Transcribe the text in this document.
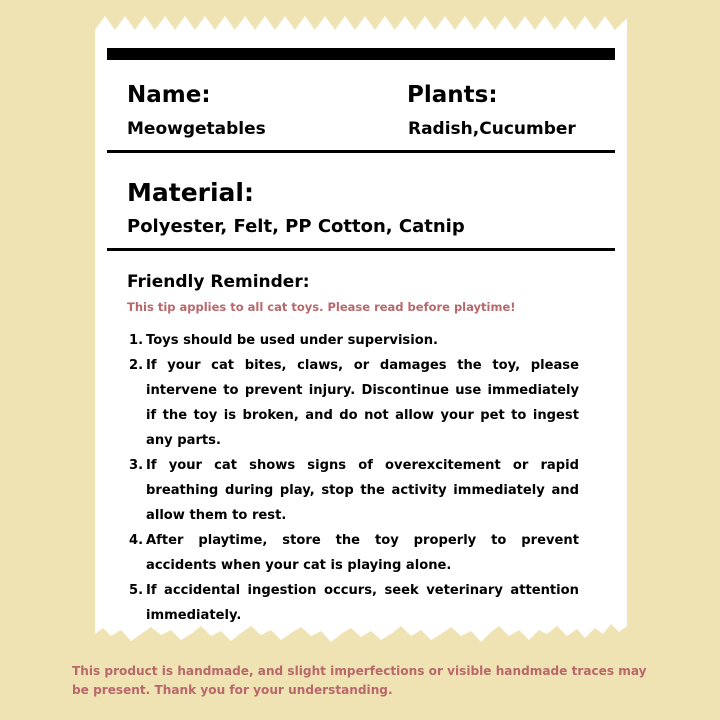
Name:
Meowgetables
Plants:
Radish,Cucumber
Material:
Polyester, Felt, PP Cotton, Catnip
Friendly Reminder:
This tip applies to all cat toys. Please read before playtime!
1. Toys should be used under supervision.
2. If your cat bites, claws, or damages the toy, please intervene to prevent injury. Discontinue use immediately if the toy is broken, and do not allow your pet to ingest any parts.
3. If your cat shows signs of overexcitement or rapid breathing during play, stop the activity immediately and allow them to rest.
4. After playtime, store the toy properly to prevent accidents when your cat is playing alone.
5. If accidental ingestion occurs, seek veterinary attention immediately.
This product is handmade, and slight imperfections or visible handmade traces may be present. Thank you for your understanding.
